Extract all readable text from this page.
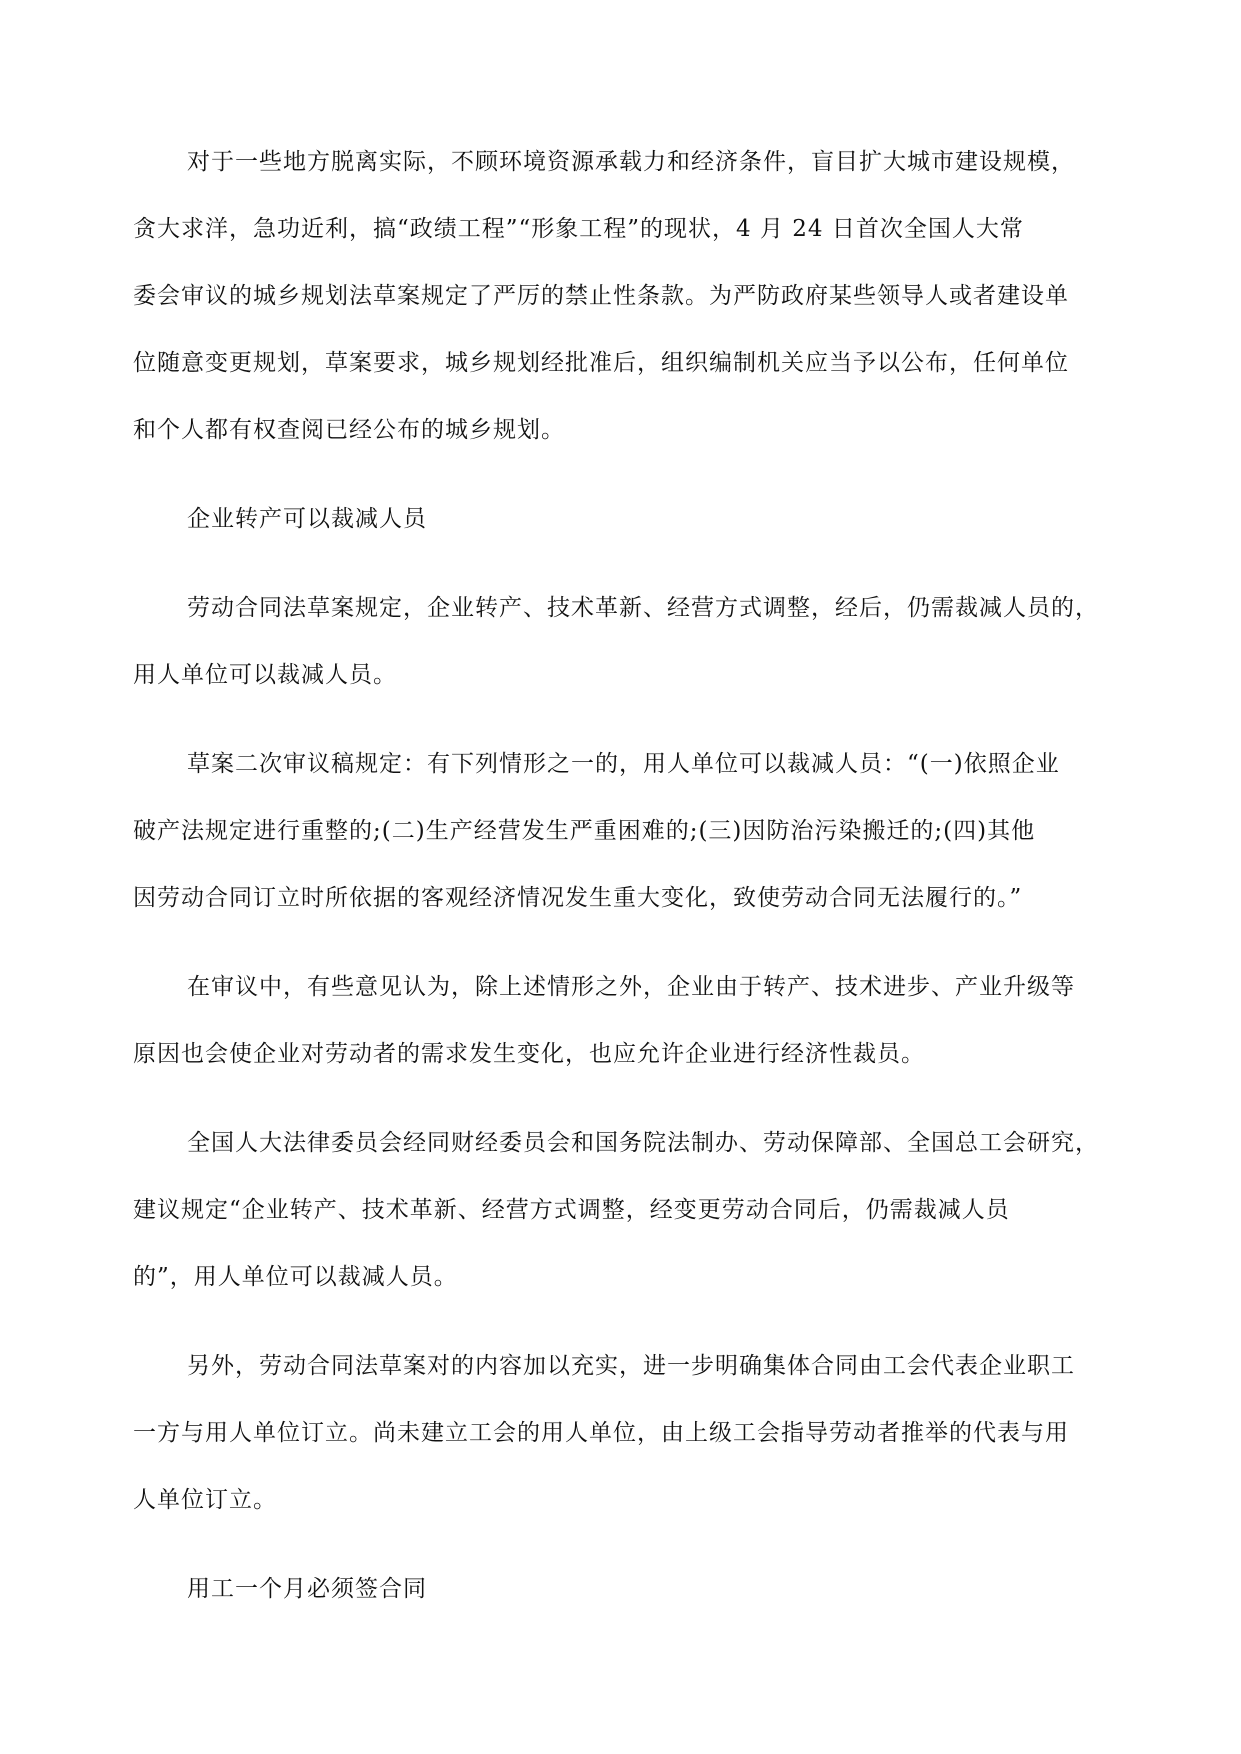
对于一些地方脱离实际，不顾环境资源承载力和经济条件，盲目扩大城市建设规模，
贪大求洋，急功近利，搞“政绩工程”“形象工程”的现状，4 月 24 日首次全国人大常
委会审议的城乡规划法草案规定了严厉的禁止性条款。为严防政府某些领导人或者建设单
位随意变更规划，草案要求，城乡规划经批准后，组织编制机关应当予以公布，任何单位
和个人都有权查阅已经公布的城乡规划。
企业转产可以裁减人员
劳动合同法草案规定，企业转产、技术革新、经营方式调整，经后，仍需裁减人员的，
用人单位可以裁减人员。
草案二次审议稿规定：有下列情形之一的，用人单位可以裁减人员：“(一)依照企业
破产法规定进行重整的;(二)生产经营发生严重困难的;(三)因防治污染搬迁的;(四)其他
因劳动合同订立时所依据的客观经济情况发生重大变化，致使劳动合同无法履行的。”
在审议中，有些意见认为，除上述情形之外，企业由于转产、技术进步、产业升级等
原因也会使企业对劳动者的需求发生变化，也应允许企业进行经济性裁员。
全国人大法律委员会经同财经委员会和国务院法制办、劳动保障部、全国总工会研究，
建议规定“企业转产、技术革新、经营方式调整，经变更劳动合同后，仍需裁减人员
的”，用人单位可以裁减人员。
另外，劳动合同法草案对的内容加以充实，进一步明确集体合同由工会代表企业职工
一方与用人单位订立。尚未建立工会的用人单位，由上级工会指导劳动者推举的代表与用
人单位订立。
用工一个月必须签合同
